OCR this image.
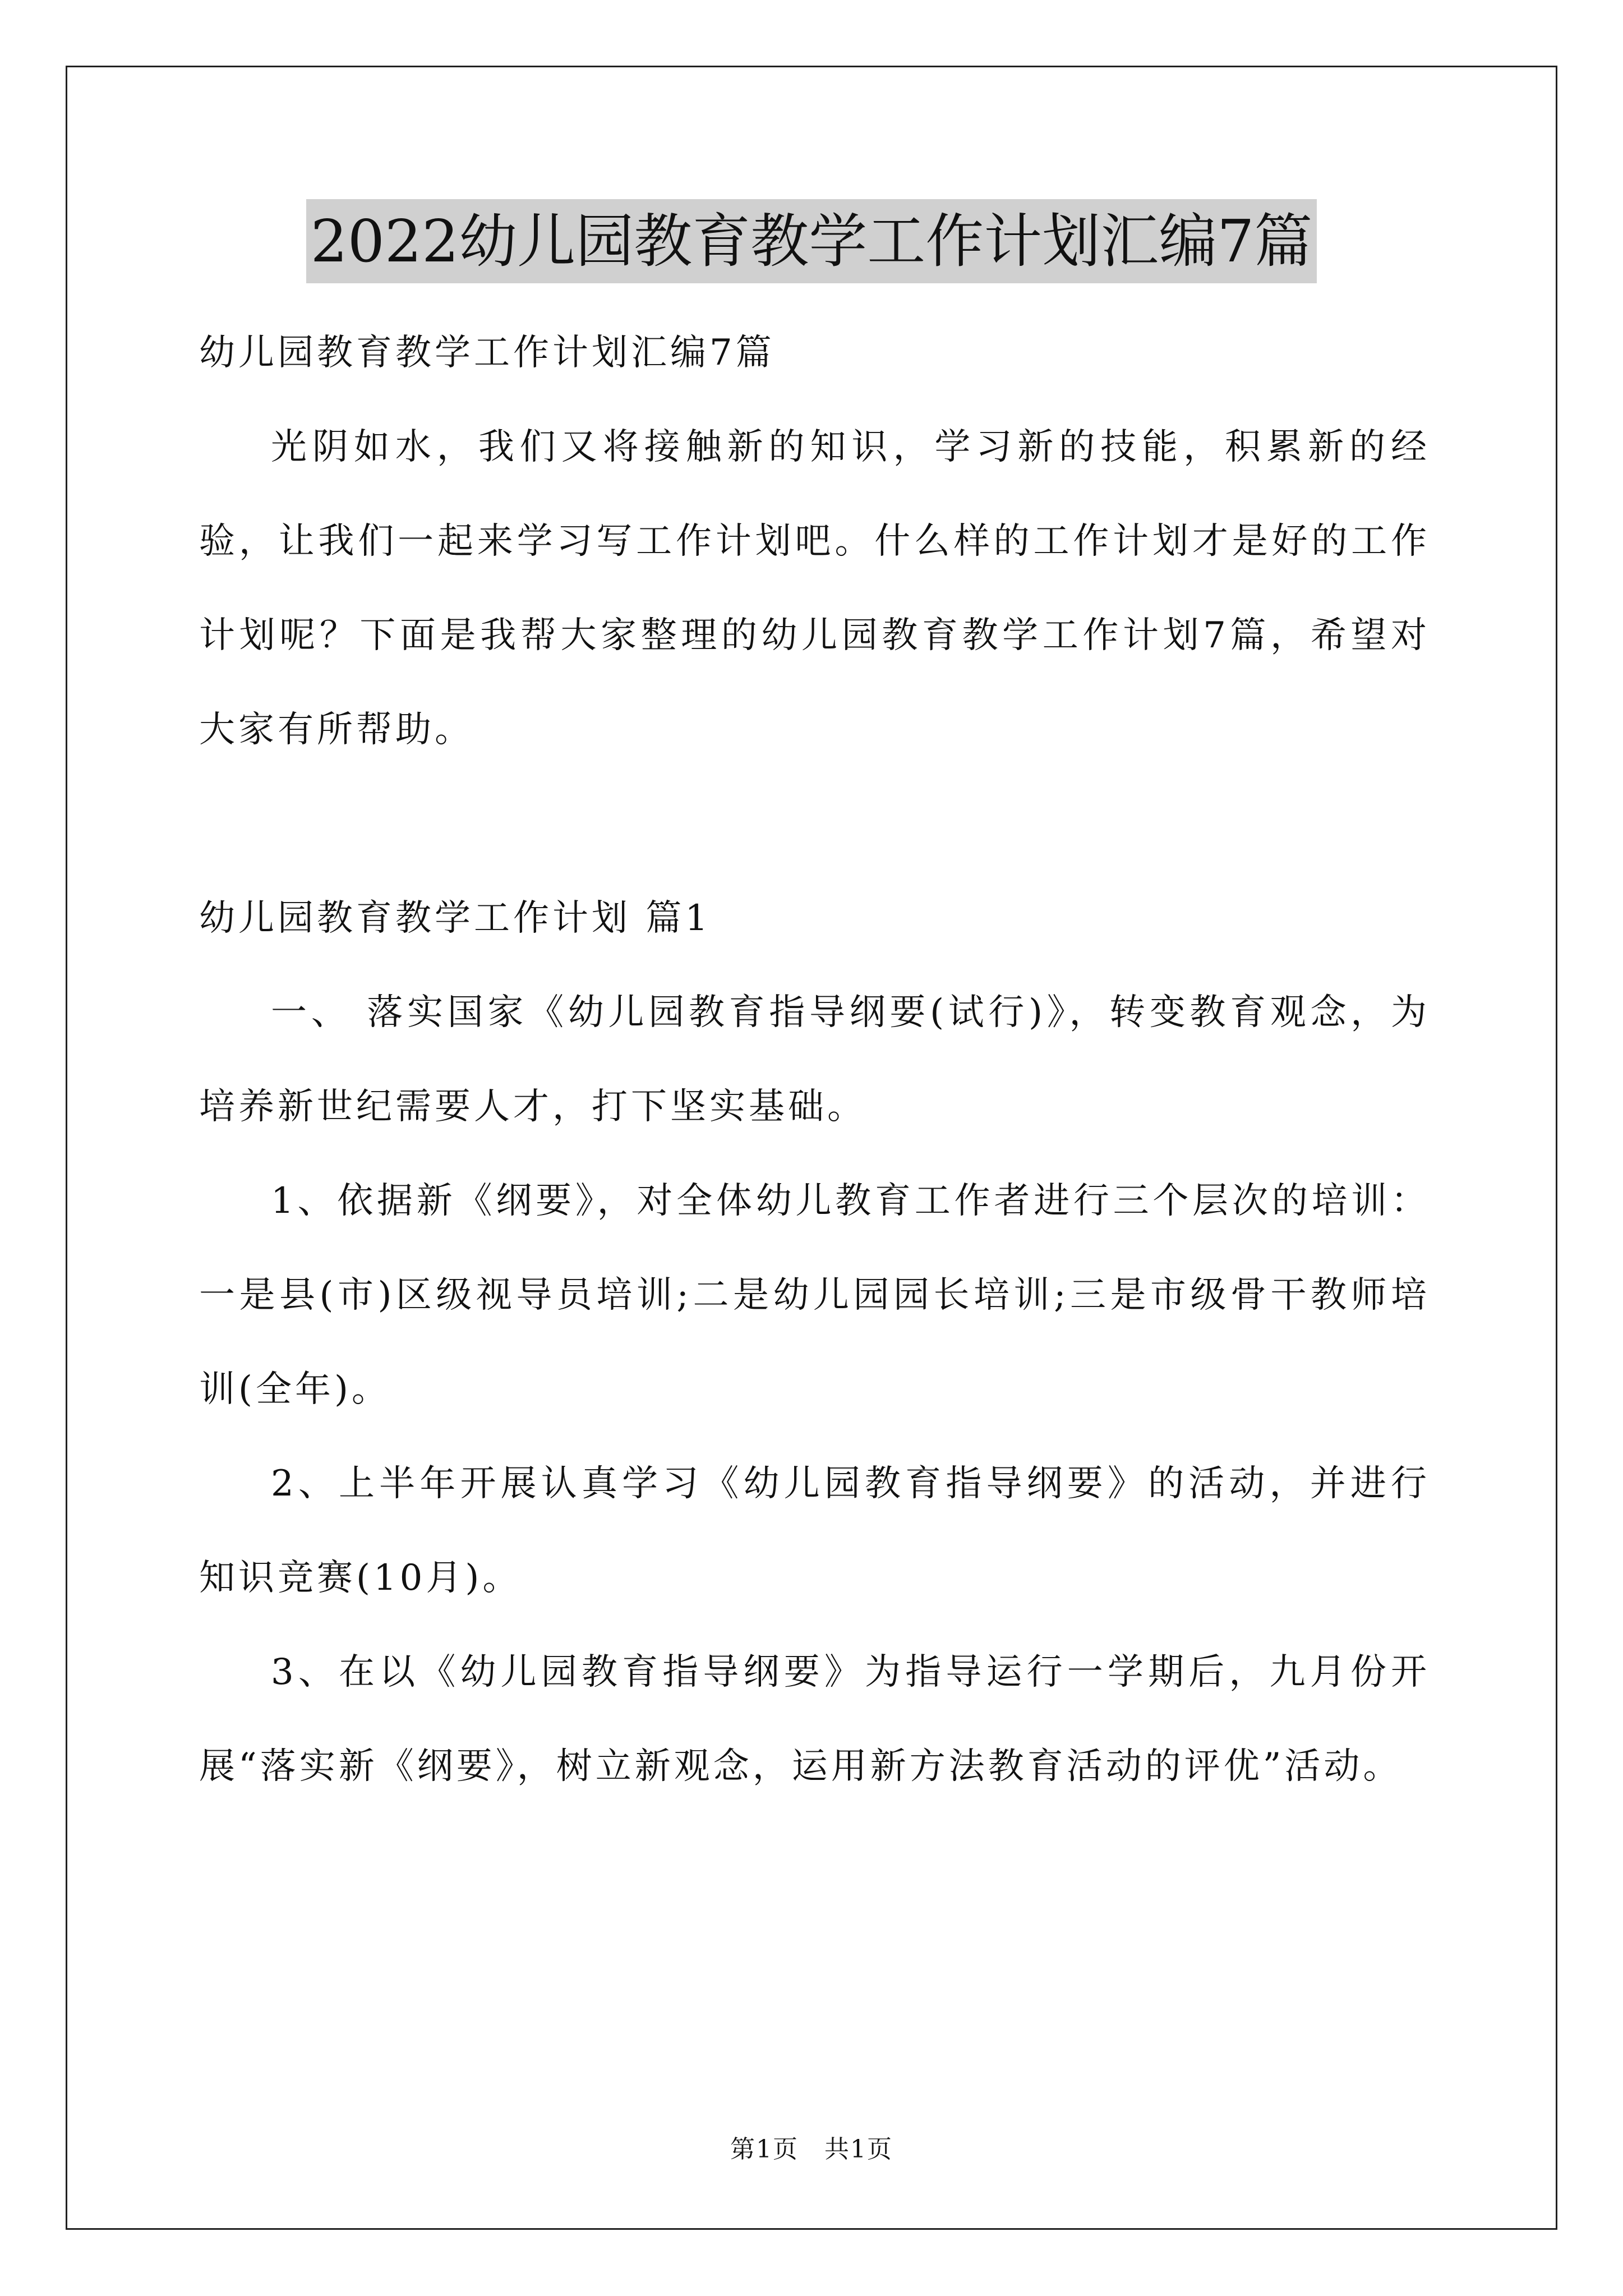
2022幼儿园教育教学工作计划汇编7篇

幼儿园教育教学工作计划汇编7篇

光阴如水，我们又将接触新的知识，学习新的技能，积累新的经验，让我们一起来学习写工作计划吧。什么样的工作计划才是好的工作计划呢？下面是我帮大家整理的幼儿园教育教学工作计划7篇，希望对大家有所帮助。

幼儿园教育教学工作计划 篇1

一、 落实国家《幼儿园教育指导纲要(试行)》，转变教育观念，为培养新世纪需要人才，打下坚实基础。

1、依据新《纲要》，对全体幼儿教育工作者进行三个层次的培训：一是县(市)区级视导员培训;二是幼儿园园长培训;三是市级骨干教师培训(全年)。

2、上半年开展认真学习《幼儿园教育指导纲要》的活动，并进行知识竞赛(10月)。

3、在以《幼儿园教育指导纲要》为指导运行一学期后，九月份开展“落实新《纲要》，树立新观念，运用新方法教育活动的评优”活动。

第1页　共1页
